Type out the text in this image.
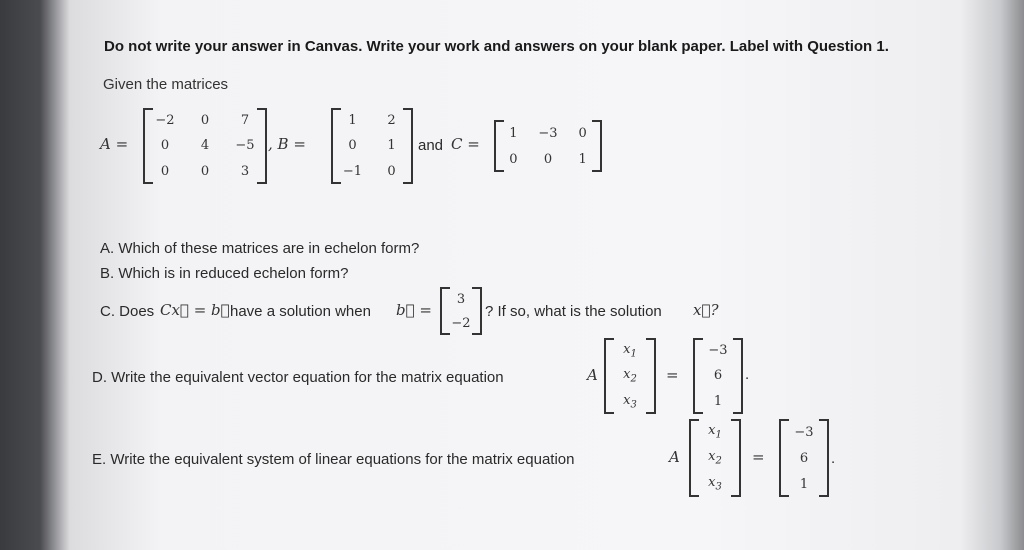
Do not write your answer in Canvas. Write your work and answers on your blank paper. Label with Question 1.
Given the matrices
A =
−2 0 7
0 4 −5
0 0 3
, B =
1 2
0 1
−1 0
and C =
1 −3 0
0 0 1
A. Which of these matrices are in echelon form?
B. Which is in reduced echelon form?
C. Does Cx⃗ = b⃗ have a solution when b⃗ =
3
−2
? If so, what is the solution x⃗?
D. Write the equivalent vector equation for the matrix equation	A
$x_1$
$x_2$
$x_3$
=
−3
6
1
.
E. Write the equivalent system of linear equations for the matrix equation	A
$x_1$
$x_2$
$x_3$
=
−3
6
1
.
